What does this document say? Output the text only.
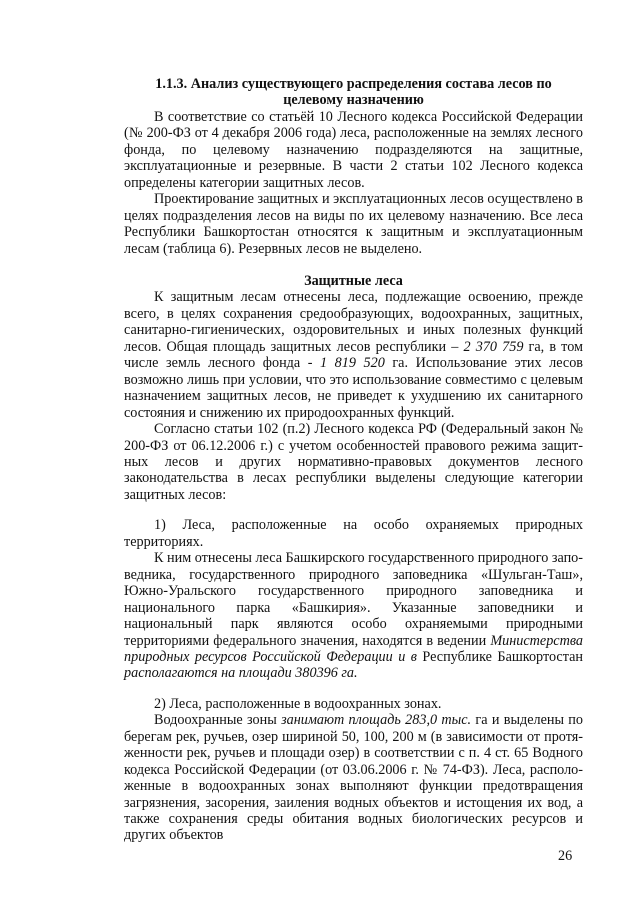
1.1.3. Анализ существующего распределения состава лесов по
целевому назначению

В соответствие со статьёй 10 Лесного кодекса Российской Федерации (№ 200-ФЗ от 4 декабря 2006 года) леса, расположенные на землях лесного фонда, по целевому назначению подразделяются на защитные, эксплуатационные и резервные. В части 2 статьи 102 Лесного кодекса определены категории защитных лесов.

Проектирование защитных и эксплуатационных лесов осуществлено в целях подразделения лесов на виды по их целевому назначению. Все леса Республики Башкортостан относятся к защитным и эксплуатационным лесам (таблица 6). Резервных лесов не выделено.

Защитные леса

К защитным лесам отнесены леса, подлежащие освоению, прежде всего, в целях сохранения средообразующих, водоохранных, защитных, санитарно-гигиенических, оздоровительных и иных полезных функций лесов. Общая площадь защитных лесов республики – 2 370 759 га, в том числе земль лесного фонда - 1 819 520 га. Использование этих лесов возможно лишь при условии, что это использование совместимо с целевым назначением защитных лесов, не приведет к ухудшению их санитарного состояния и снижению их природоохранных функций.

Согласно статьи 102 (п.2) Лесного кодекса РФ (Федеральный закон № 200-ФЗ от 06.12.2006 г.) с учетом особенностей правового режима защитных лесов и других нормативно-правовых документов лесного законодательства в лесах республики выделены следующие категории защитных лесов:

1) Леса, расположенные на особо охраняемых природных территориях.

К ним отнесены леса Башкирского государственного природного заповедника, государственного природного заповедника «Шульган-Таш», Южно-Уральского государственного природного заповедника и национального парка «Башкирия». Указанные заповедники и национальный парк являются особо охраняемыми природными территориями федерального значения, находятся в ведении Министерства природных ресурсов Российской Федерации и в Республике Башкортостан располагаются на площади 380396 га.

2) Леса, расположенные в водоохранных зонах.

Водоохранные зоны занимают площадь 283,0 тыс. га и выделены по берегам рек, ручьев, озер шириной 50, 100, 200 м (в зависимости от протяженности рек, ручьев и площади озер) в соответствии с п. 4 ст. 65 Водного кодекса Российской Федерации (от 03.06.2006 г. № 74-ФЗ). Леса, расположенные в водоохранных зонах выполняют функции предотвращения загрязнения, засорения, заиления водных объектов и истощения их вод, а также сохранения среды обитания водных биологических ресурсов и других объектов

26
